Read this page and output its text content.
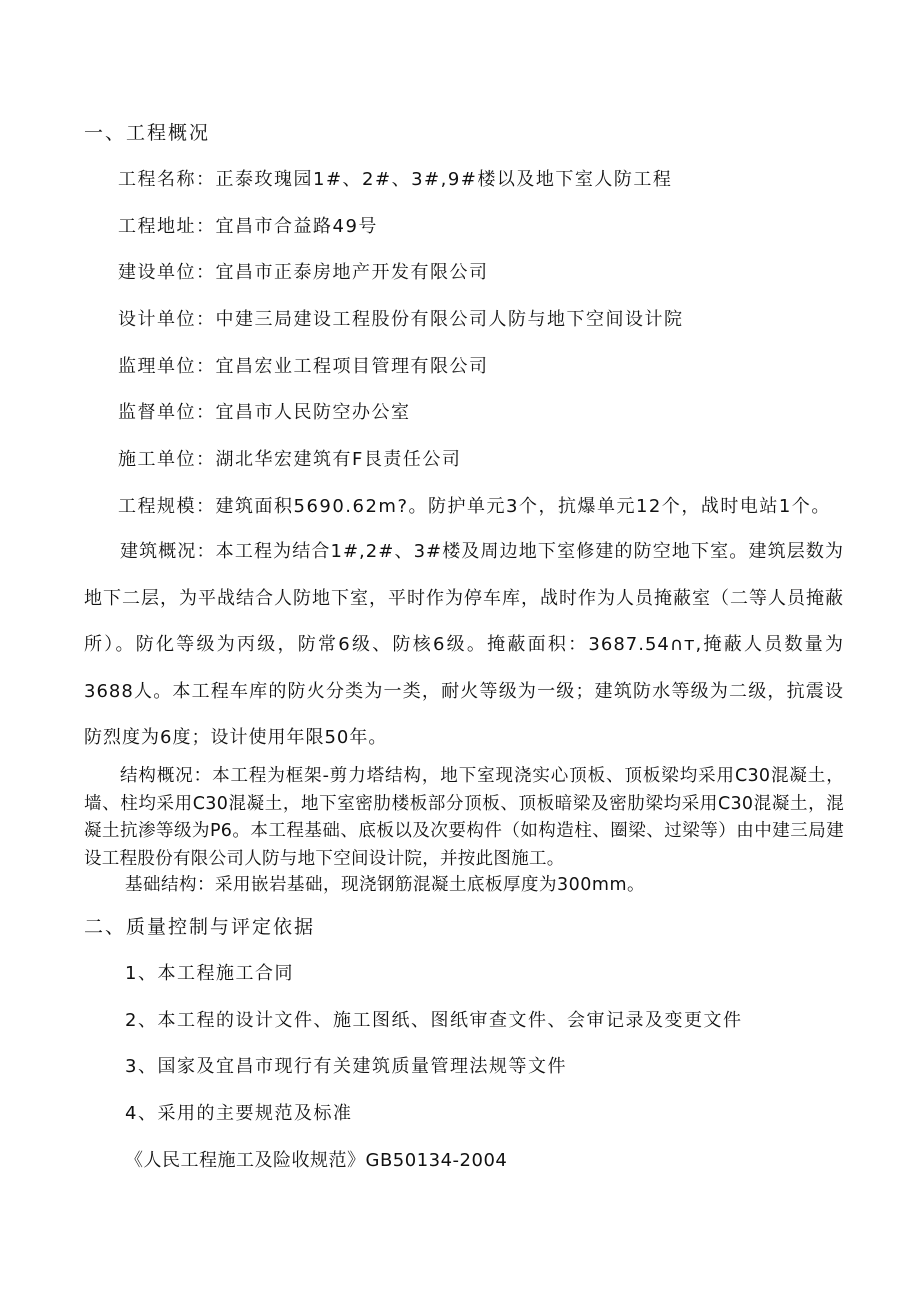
一、工程概况
工程名称：正泰玫瑰园1#、2#、3#,9#楼以及地下室人防工程
工程地址：宜昌市合益路49号
建设单位：宜昌市正泰房地产开发有限公司
设计单位：中建三局建设工程股份有限公司人防与地下空间设计院
监理单位：宜昌宏业工程项目管理有限公司
监督单位：宜昌市人民防空办公室
施工单位：湖北华宏建筑有F艮责任公司
工程规模：建筑面积5690.62m?。防护单元3个，抗爆单元12个，战时电站1个。

建筑概况：本工程为结合1#,2#、3#楼及周边地下室修建的防空地下室。建筑层数为地下二层，为平战结合人防地下室，平时作为停车库，战时作为人员掩蔽室（二等人员掩蔽所）。防化等级为丙级，防常6级、防核6级。掩蔽面积：3687.54∩т,掩蔽人员数量为3688人。本工程车库的防火分类为一类，耐火等级为一级；建筑防水等级为二级，抗震设防烈度为6度；设计使用年限50年。

结构概况：本工程为框架-剪力塔结构，地下室现浇实心顶板、顶板梁均采用C30混凝土，墙、柱均采用C30混凝土，地下室密肋楼板部分顶板、顶板暗梁及密肋梁均采用C30混凝土，混凝土抗渗等级为P6。本工程基础、底板以及次要构件（如构造柱、圈梁、过梁等）由中建三局建设工程股份有限公司人防与地下空间设计院，并按此图施工。

基础结构：采用嵌岩基础，现浇钢筋混凝土底板厚度为300mm。
二、质量控制与评定依据
1、本工程施工合同
2、本工程的设计文件、施工图纸、图纸审查文件、会审记录及变更文件
3、国家及宜昌市现行有关建筑质量管理法规等文件
4、采用的主要规范及标准
《人民工程施工及险收规范》GB50134-2004
